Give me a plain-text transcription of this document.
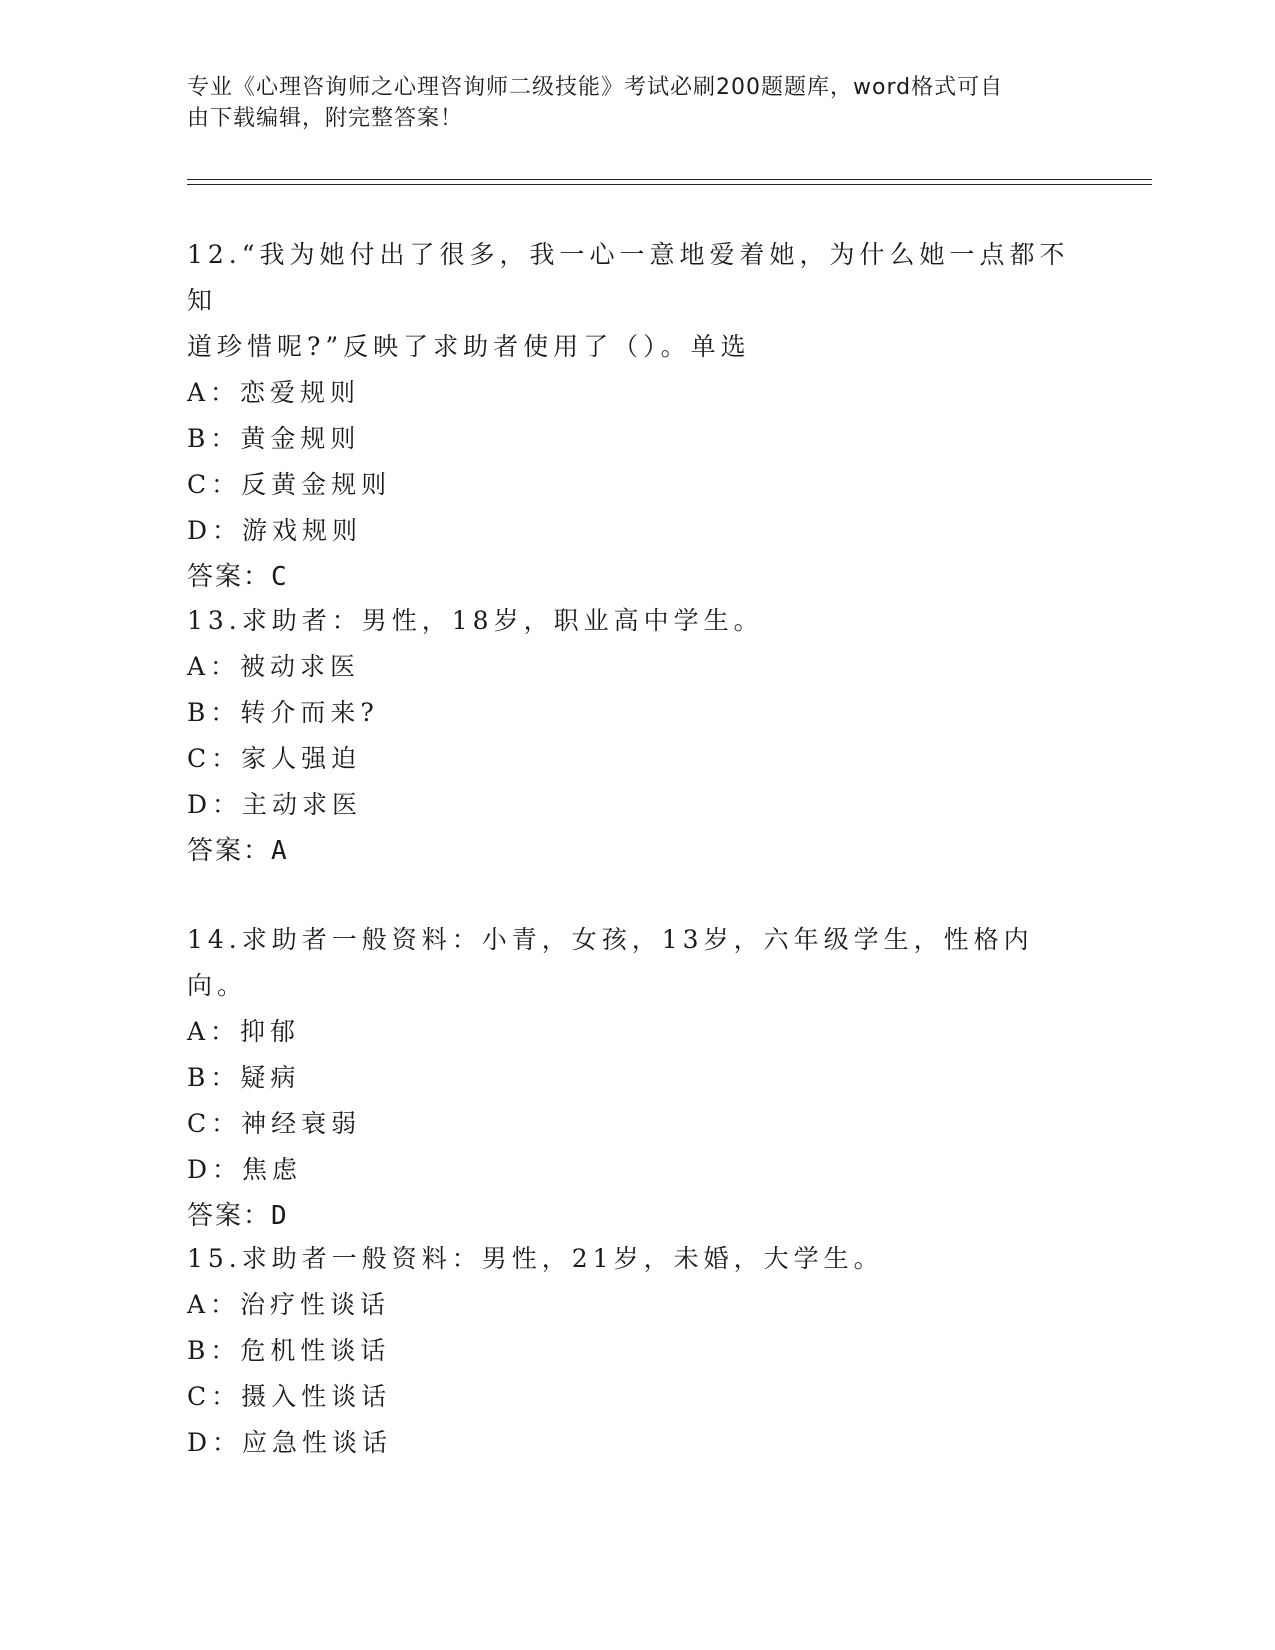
专业《心理咨询师之心理咨询师二级技能》考试必刷200题题库，word格式可自
由下载编辑，附完整答案！
12.“我为她付出了很多，我一心一意地爱着她，为什么她一点都不知
道珍惜呢?”反映了求助者使用了（）。单选
A：恋爱规则
B：黄金规则
C：反黄金规则
D：游戏规则
答案：C
13.求助者：男性，18岁，职业高中学生。
A：被动求医
B：转介而来?
C：家人强迫
D：主动求医
答案：A
14.求助者一般资料：小青，女孩，13岁，六年级学生，性格内向。
A：抑郁
B：疑病
C：神经衰弱
D：焦虑
答案：D
15.求助者一般资料：男性，21岁，未婚，大学生。
A：治疗性谈话
B：危机性谈话
C：摄入性谈话
D：应急性谈话
